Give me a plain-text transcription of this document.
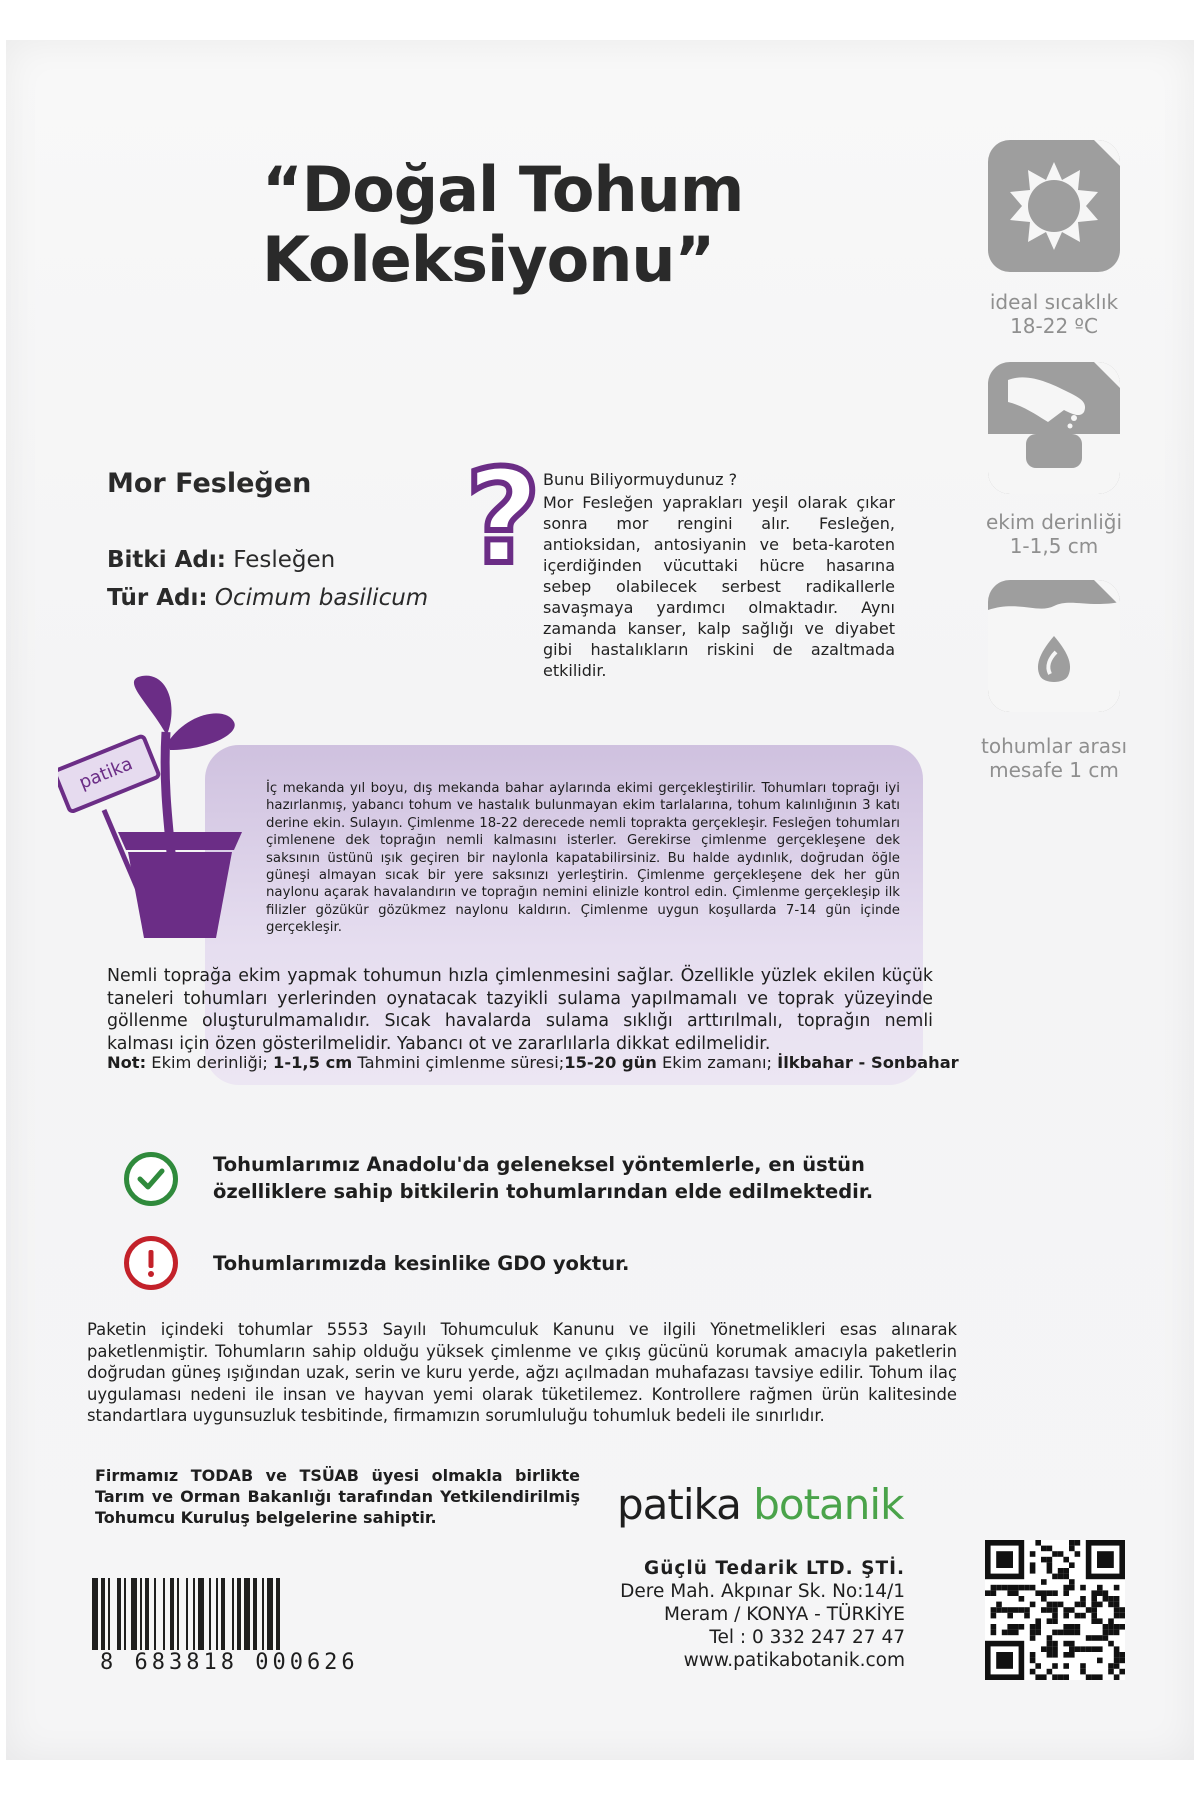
“Doğal Tohum
Koleksiyonu”
ideal sıcaklık
18-22 ºC
ekim derinliği
1-1,5 cm
tohumlar arası
mesafe 1 cm
Mor Fesleğen
Bitki Adı: Fesleğen
Tür Adı: Ocimum basilicum
? Bunu Biliyormuydunuz ?
Mor Fesleğen yaprakları yeşil olarak çıkar sonra mor rengini alır. Fesleğen, antioksidan, antosiyanin ve beta-karoten içerdiğinden vücuttaki hücre hasarına sebep olabilecek serbest radikallerle savaşmaya yardımcı olmaktadır. Aynı zamanda kanser, kalp sağlığı ve diyabet gibi hastalıkların riskini de azaltmada etkilidir.
patika	İç mekanda yıl boyu, dış mekanda bahar aylarında ekimi gerçekleştirilir. Tohumları toprağı iyi hazırlanmış, yabancı tohum ve hastalık bulunmayan ekim tarlalarına, tohum kalınlığının 3 katı derine ekin. Sulayın. Çimlenme 18-22 derecede nemli toprakta gerçekleşir. Fesleğen tohumları çimlenene dek toprağın nemli kalmasını isterler. Gerekirse çimlenme gerçekleşene dek saksının üstünü ışık geçiren bir naylonla kapatabilirsiniz. Bu halde aydınlık, doğrudan öğle güneşi almayan sıcak bir yere saksınızı yerleştirin. Çimlenme gerçekleşene dek her gün naylonu açarak havalandırın ve toprağın nemini elinizle kontrol edin. Çimlenme gerçekleşip ilk filizler gözükür gözükmez naylonu kaldırın. Çimlenme uygun koşullarda 7-14 gün içinde gerçekleşir.
Nemli toprağa ekim yapmak tohumun hızla çimlenmesini sağlar. Özellikle yüzlek ekilen küçük taneleri tohumları yerlerinden oynatacak tazyikli sulama yapılmamalı ve toprak yüzeyinde göllenme oluşturulmamalıdır. Sıcak havalarda sulama sıklığı arttırılmalı, toprağın nemli kalması için özen gösterilmelidir. Yabancı ot ve zararlılarla dikkat edilmelidir.
Not: Ekim derinliği; 1-1,5 cm Tahmini çimlenme süresi;15-20 gün Ekim zamanı; İlkbahar - Sonbahar
Tohumlarımız Anadolu'da geleneksel yöntemlerle, en üstün
özelliklere sahip bitkilerin tohumlarından elde edilmektedir.
Tohumlarımızda kesinlike GDO yoktur.
Paketin içindeki tohumlar 5553 Sayılı Tohumculuk Kanunu ve ilgili Yönetmelikleri esas alınarak paketlenmiştir. Tohumların sahip olduğu yüksek çimlenme ve çıkış gücünü korumak amacıyla paketlerin doğrudan güneş ışığından uzak, serin ve kuru yerde, ağzı açılmadan muhafazası tavsiye edilir. Tohum ilaç uygulaması nedeni ile insan ve hayvan yemi olarak tüketilemez. Kontrollere rağmen ürün kalitesinde standartlara uygunsuzluk tesbitinde, firmamızın sorumluluğu tohumluk bedeli ile sınırlıdır.
Firmamız TODAB ve TSÜAB üyesi olmakla birlikte Tarım ve Orman Bakanlığı tarafından Yetkilendirilmiş Tohumcu Kuruluş belgelerine sahiptir.	patika botanik
Güçlü Tedarik LTD. ŞTİ.
Dere Mah. Akpınar Sk. No:14/1
Meram / KONYA - TÜRKİYE
Tel : 0 332 247 27 47
www.patikabotanik.com
8 683818 000626
